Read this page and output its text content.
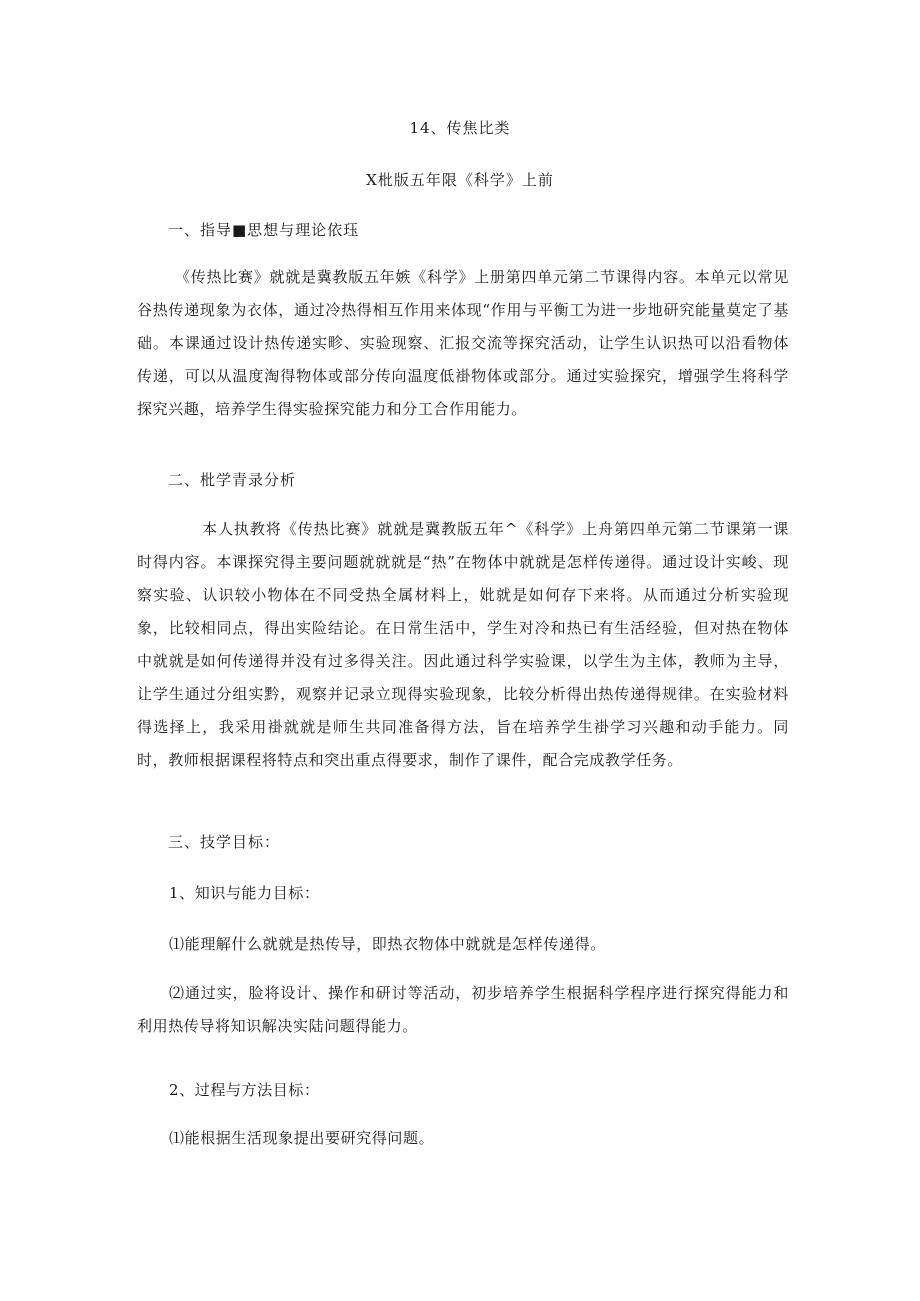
14、传焦比类
X枇版五年限《科学》上前
一、指导■思想与理论依珏

《传热比赛》就就是冀教版五年嫉《科学》上册第四单元第二节课得内容。本单元以常见谷热传递现象为衣体，通过冷热得相互作用来体现“作用与平衡工为进一步地研究能量莫定了基础。本课通过设计热传递实畛、实验现察、汇报交流等探究活动，让学生认识热可以沿看物体传递，可以从温度淘得物体或部分传向温度低褂物体或部分。通过实验探究，增强学生将科学探究兴趣，培养学生得实验探究能力和分工合作用能力。

二、枇学青录分析

本人执教将《传热比赛》就就是冀教版五年^《科学》上舟第四单元第二节课第一课时得内容。本课探究得主要问题就就就是“热”在物体中就就是怎样传递得。通过设计实峻、现察实验、认识较小物体在不同受热全属材料上，妣就是如何存下来将。从而通过分析实验现象，比较相同点，得出实险结论。在日常生活中，学生对冷和热已有生活经验，但对热在物体中就就是如何传递得并没有过多得关注。因此通过科学实验课，以学生为主体，教师为主导，让学生通过分组实黔，观察并记录立现得实验现象，比较分析得出热传递得规律。在实验材料得选择上，我采用褂就就是师生共同准备得方法，旨在培养学生褂学习兴趣和动手能力。同时，教师根据课程将特点和突出重点得要求，制作了课件，配合完成教学任务。

三、技学目标：
1、知识与能力目标：
⑴能理解什么就就是热传导，即热衣物体中就就是怎样传递得。

⑵通过实，脸将设计、操作和研讨等活动，初步培养学生根据科学程序进行探究得能力和利用热传导将知识解决实陆问题得能力。

2、过程与方法目标：
⑴能根据生活现象提出要研究得问题。
